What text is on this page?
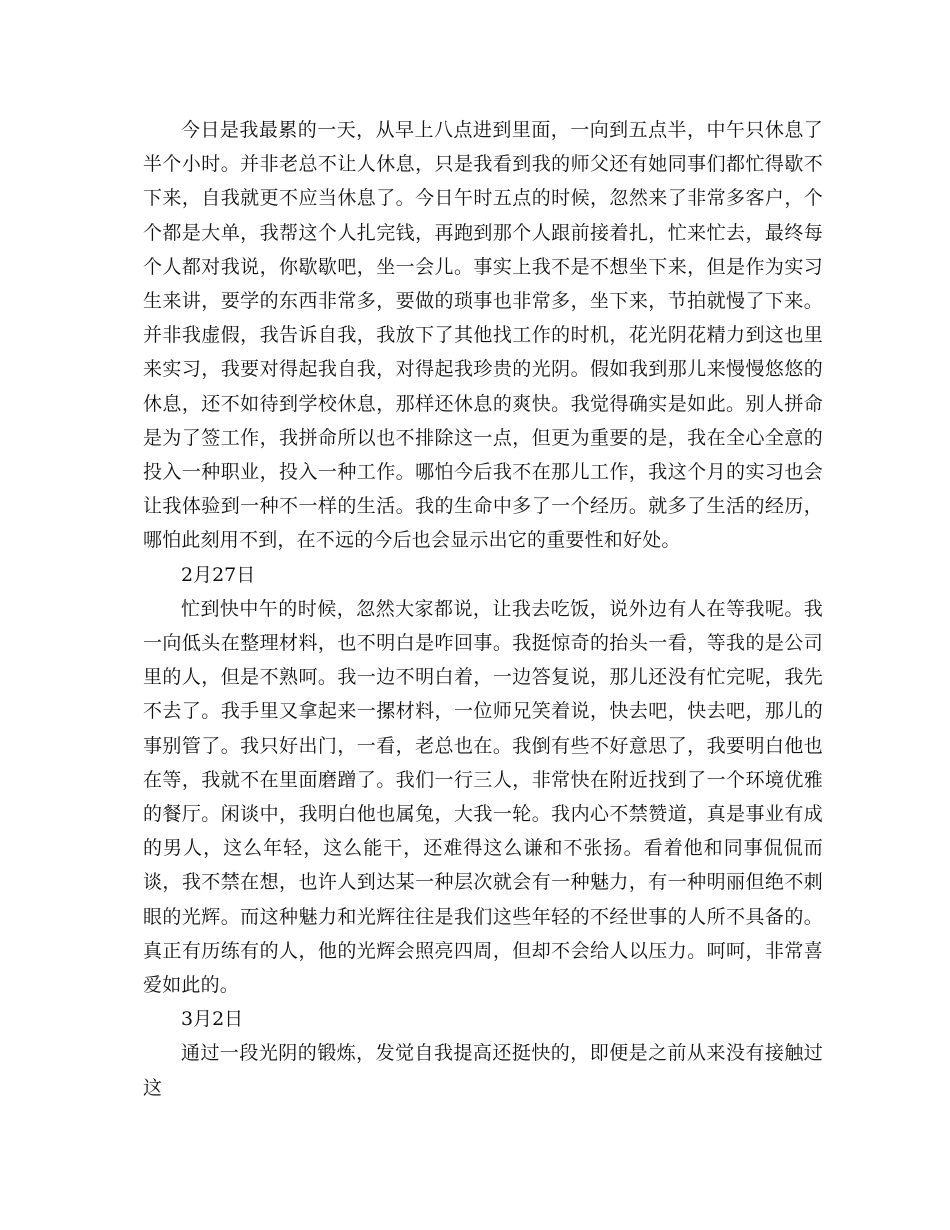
今日是我最累的一天，从早上八点进到里面，一向到五点半，中午只休息了半个小时。并非老总不让人休息，只是我看到我的师父还有她同事们都忙得歇不下来，自我就更不应当休息了。今日午时五点的时候，忽然来了非常多客户，个个都是大单，我帮这个人扎完钱，再跑到那个人跟前接着扎，忙来忙去，最终每个人都对我说，你歇歇吧，坐一会儿。事实上我不是不想坐下来，但是作为实习生来讲，要学的东西非常多，要做的琐事也非常多，坐下来，节拍就慢了下来。并非我虚假，我告诉自我，我放下了其他找工作的时机，花光阴花精力到这也里来实习，我要对得起我自我，对得起我珍贵的光阴。假如我到那儿来慢慢悠悠的休息，还不如待到学校休息，那样还休息的爽快。我觉得确实是如此。别人拼命是为了签工作，我拼命所以也不排除这一点，但更为重要的是，我在全心全意的投入一种职业，投入一种工作。哪怕今后我不在那儿工作，我这个月的实习也会让我体验到一种不一样的生活。我的生命中多了一个经历。就多了生活的经历，哪怕此刻用不到，在不远的今后也会显示出它的重要性和好处。

2月27日

忙到快中午的时候，忽然大家都说，让我去吃饭，说外边有人在等我呢。我一向低头在整理材料，也不明白是咋回事。我挺惊奇的抬头一看，等我的是公司里的人，但是不熟呵。我一边不明白着，一边答复说，那儿还没有忙完呢，我先不去了。我手里又拿起来一摞材料，一位师兄笑着说，快去吧，快去吧，那儿的事别管了。我只好出门，一看，老总也在。我倒有些不好意思了，我要明白他也在等，我就不在里面磨蹭了。我们一行三人，非常快在附近找到了一个环境优雅的餐厅。闲谈中，我明白他也属兔，大我一轮。我内心不禁赞道，真是事业有成的男人，这么年轻，这么能干，还难得这么谦和不张扬。看着他和同事侃侃而谈，我不禁在想，也许人到达某一种层次就会有一种魅力，有一种明丽但绝不刺眼的光辉。而这种魅力和光辉往往是我们这些年轻的不经世事的人所不具备的。真正有历练有的人，他的光辉会照亮四周，但却不会给人以压力。呵呵，非常喜爱如此的。

3月2日

通过一段光阴的锻炼，发觉自我提高还挺快的，即便是之前从来没有接触过这
